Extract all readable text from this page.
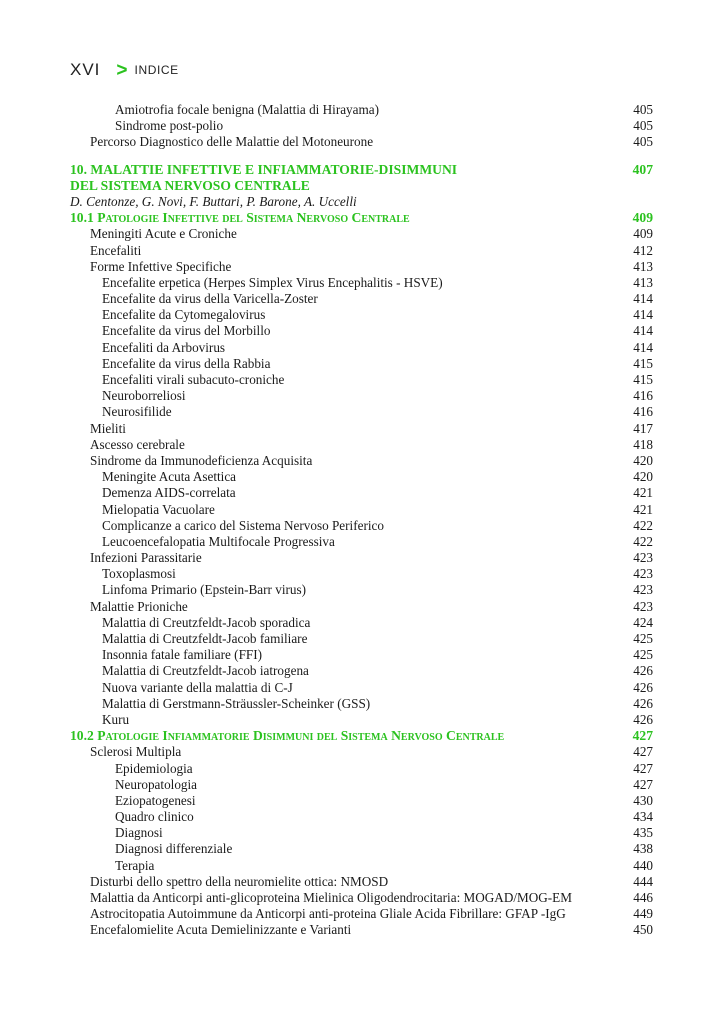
XVI > INDICE
Amiotrofia focale benigna (Malattia di Hirayama)	405
Sindrome post-polio	405
Percorso Diagnostico delle Malattie del Motoneurone	405
10. MALATTIE INFETTIVE E INFIAMMATORIE-DISIMMUNI	407
DEL SISTEMA NERVOSO CENTRALE
D. Centonze, G. Novi, F. Buttari, P. Barone, A. Uccelli
10.1 Patologie Infettive del Sistema Nervoso Centrale	409
Meningiti Acute e Croniche	409
Encefaliti	412
Forme Infettive Specifiche	413
Encefalite erpetica (Herpes Simplex Virus Encephalitis - HSVE)	413
Encefalite da virus della Varicella-Zoster	414
Encefalite da Cytomegalovirus	414
Encefalite da virus del Morbillo	414
Encefaliti da Arbovirus	414
Encefalite da virus della Rabbia	415
Encefaliti virali subacuto-croniche	415
Neuroborreliosi	416
Neurosifilide	416
Mieliti	417
Ascesso cerebrale	418
Sindrome da Immunodeficienza Acquisita	420
Meningite Acuta Asettica	420
Demenza AIDS-correlata	421
Mielopatia Vacuolare	421
Complicanze a carico del Sistema Nervoso Periferico	422
Leucoencefalopatia Multifocale Progressiva	422
Infezioni Parassitarie	423
Toxoplasmosi	423
Linfoma Primario (Epstein-Barr virus)	423
Malattie Prioniche	423
Malattia di Creutzfeldt-Jacob sporadica	424
Malattia di Creutzfeldt-Jacob familiare	425
Insonnia fatale familiare (FFI)	425
Malattia di Creutzfeldt-Jacob iatrogena	426
Nuova variante della malattia di C-J	426
Malattia di Gerstmann-Sträussler-Scheinker (GSS)	426
Kuru	426
10.2 Patologie Infiammatorie Disimmuni del Sistema Nervoso Centrale	427
Sclerosi Multipla	427
Epidemiologia	427
Neuropatologia	427
Eziopatogenesi	430
Quadro clinico	434
Diagnosi	435
Diagnosi differenziale	438
Terapia	440
Disturbi dello spettro della neuromielite ottica: NMOSD	444
Malattia da Anticorpi anti-glicoproteina Mielinica Oligodendrocitaria: MOGAD/MOG-EM	446
Astrocitopatia Autoimmune da Anticorpi anti-proteina Gliale Acida Fibrillare: GFAP -IgG	449
Encefalomielite Acuta Demielinizzante e Varianti	450
